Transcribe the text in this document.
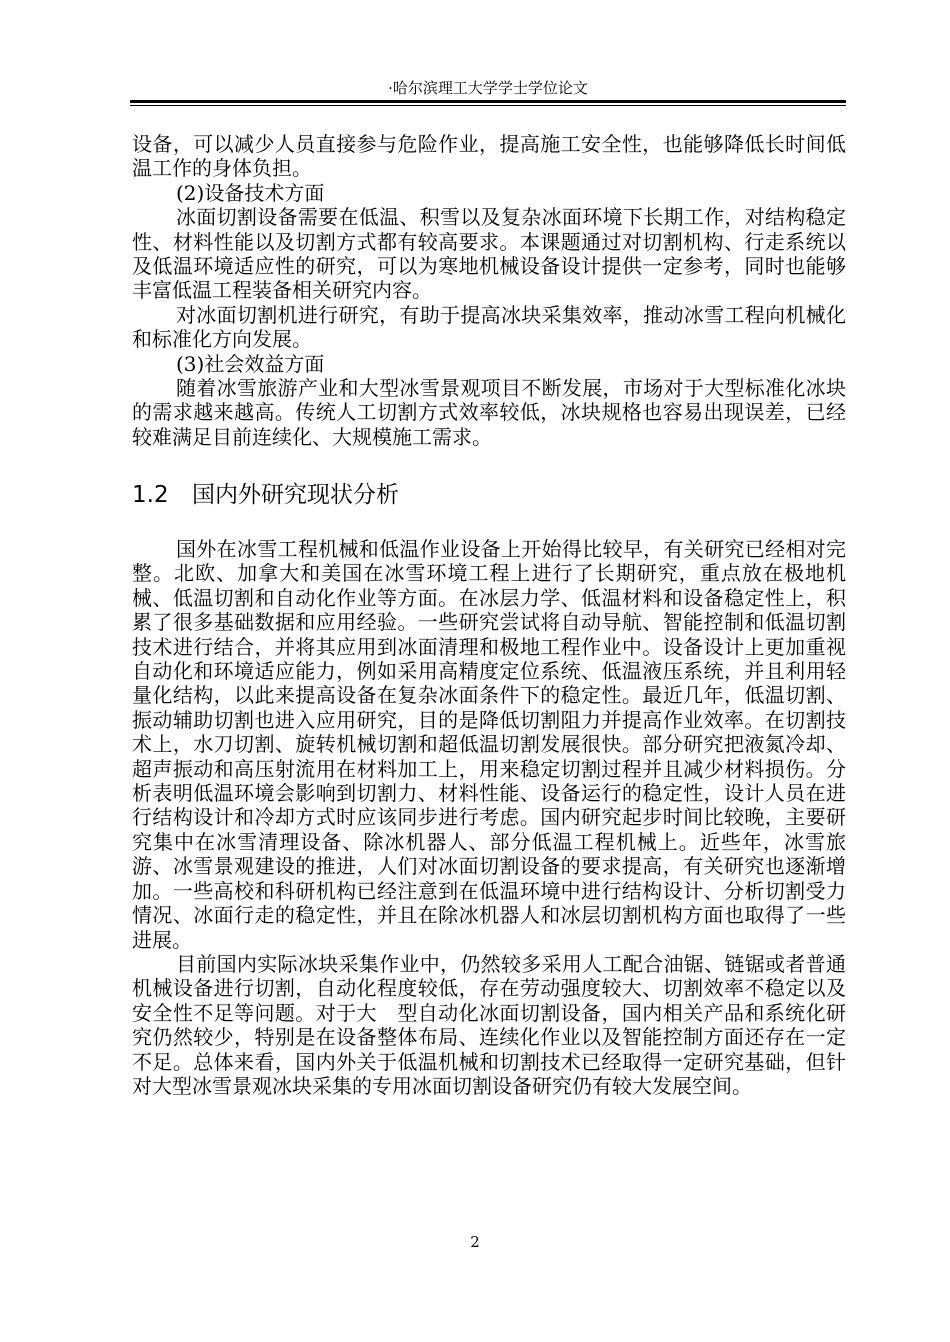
·哈尔滨理工大学学士学位论文

设备，可以减少人员直接参与危险作业，提高施工安全性，也能够降低长时间低温工作的身体负担。

(2)设备技术方面

冰面切割设备需要在低温、积雪以及复杂冰面环境下长期工作，对结构稳定性、材料性能以及切割方式都有较高要求。本课题通过对切割机构、行走系统以及低温环境适应性的研究，可以为寒地机械设备设计提供一定参考，同时也能够丰富低温工程装备相关研究内容。

对冰面切割机进行研究，有助于提高冰块采集效率，推动冰雪工程向机械化和标准化方向发展。

(3)社会效益方面

随着冰雪旅游产业和大型冰雪景观项目不断发展，市场对于大型标准化冰块的需求越来越高。传统人工切割方式效率较低，冰块规格也容易出现误差，已经较难满足目前连续化、大规模施工需求。

1.2 国内外研究现状分析

国外在冰雪工程机械和低温作业设备上开始得比较早，有关研究已经相对完整。北欧、加拿大和美国在冰雪环境工程上进行了长期研究，重点放在极地机械、低温切割和自动化作业等方面。在冰层力学、低温材料和设备稳定性上，积累了很多基础数据和应用经验。一些研究尝试将自动导航、智能控制和低温切割技术进行结合，并将其应用到冰面清理和极地工程作业中。设备设计上更加重视自动化和环境适应能力，例如采用高精度定位系统、低温液压系统，并且利用轻量化结构，以此来提高设备在复杂冰面条件下的稳定性。最近几年，低温切割、振动辅助切割也进入应用研究，目的是降低切割阻力并提高作业效率。在切割技术上，水刀切割、旋转机械切割和超低温切割发展很快。部分研究把液氮冷却、超声振动和高压射流用在材料加工上，用来稳定切割过程并且减少材料损伤。分析表明低温环境会影响到切割力、材料性能、设备运行的稳定性，设计人员在进行结构设计和冷却方式时应该同步进行考虑。国内研究起步时间比较晚，主要研究集中在冰雪清理设备、除冰机器人、部分低温工程机械上。近些年，冰雪旅游、冰雪景观建设的推进，人们对冰面切割设备的要求提高，有关研究也逐渐增加。一些高校和科研机构已经注意到在低温环境中进行结构设计、分析切割受力情况、冰面行走的稳定性，并且在除冰机器人和冰层切割机构方面也取得了一些进展。

目前国内实际冰块采集作业中，仍然较多采用人工配合油锯、链锯或者普通机械设备进行切割，自动化程度较低，存在劳动强度较大、切割效率不稳定以及安全性不足等问题。对于大　型自动化冰面切割设备，国内相关产品和系统化研究仍然较少，特别是在设备整体布局、连续化作业以及智能控制方面还存在一定不足。总体来看，国内外关于低温机械和切割技术已经取得一定研究基础，但针对大型冰雪景观冰块采集的专用冰面切割设备研究仍有较大发展空间。

2
